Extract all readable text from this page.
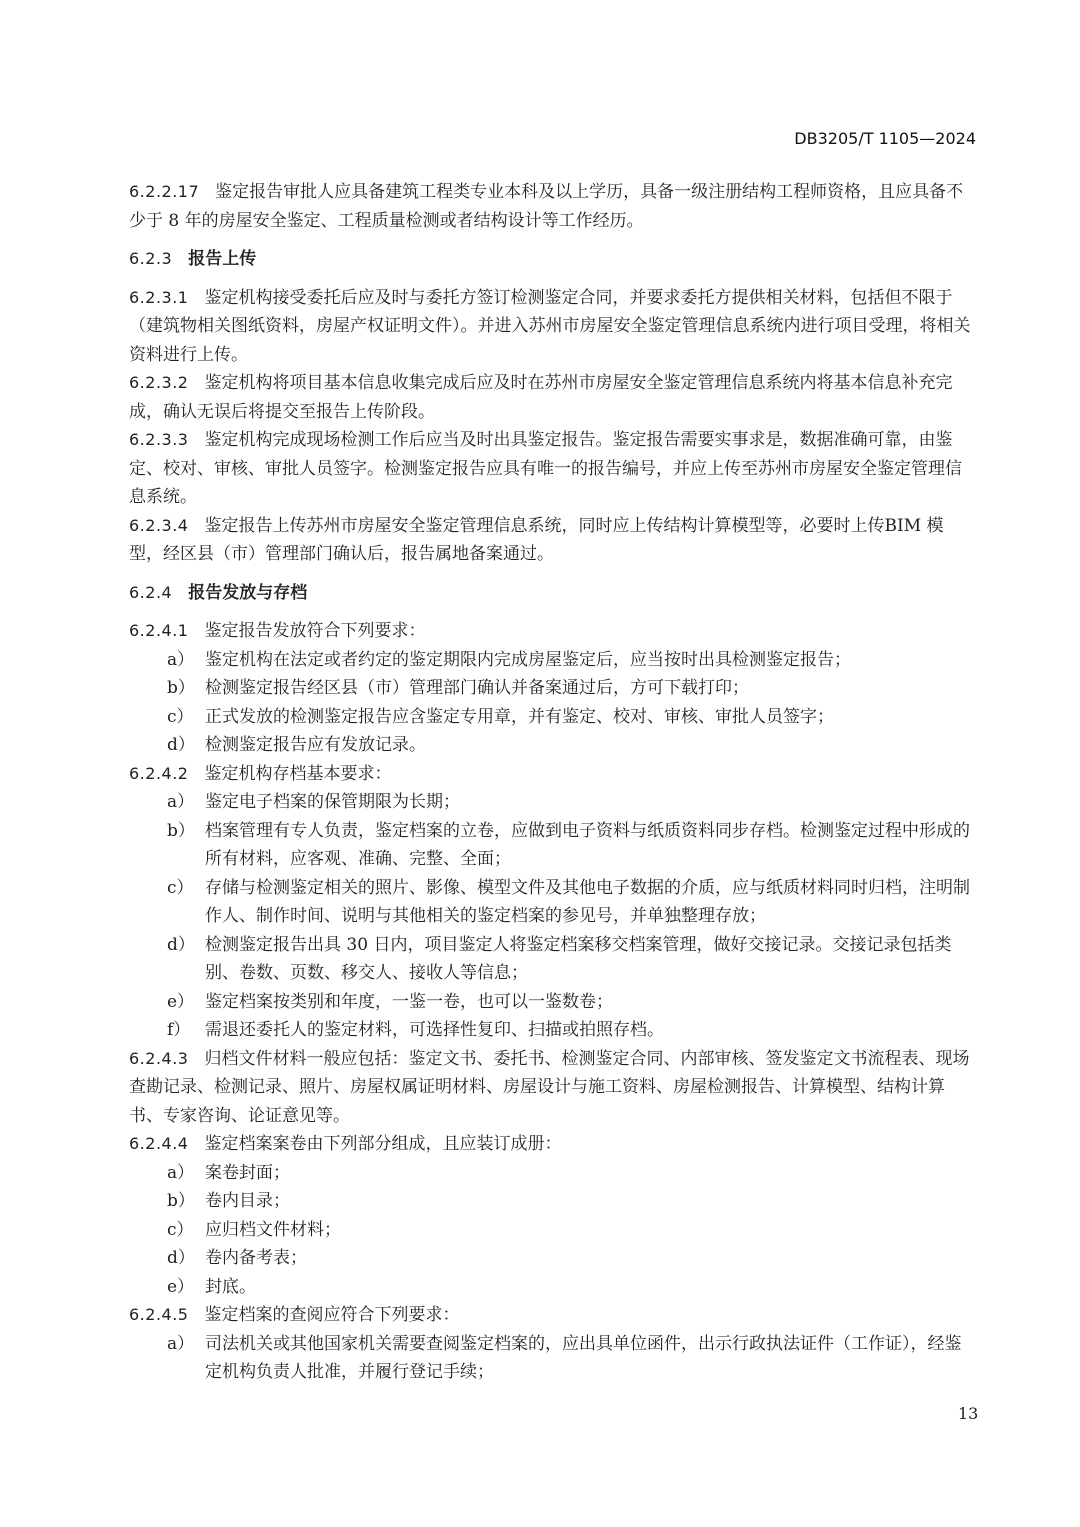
DB3205/T 1105—2024

6.2.2.17 鉴定报告审批人应具备建筑工程类专业本科及以上学历，具备一级注册结构工程师资格，且应具备不少于 8 年的房屋安全鉴定、工程质量检测或者结构设计等工作经历。

6.2.3 报告上传

6.2.3.1 鉴定机构接受委托后应及时与委托方签订检测鉴定合同，并要求委托方提供相关材料，包括但不限于（建筑物相关图纸资料，房屋产权证明文件）。并进入苏州市房屋安全鉴定管理信息系统内进行项目受理，将相关资料进行上传。

6.2.3.2 鉴定机构将项目基本信息收集完成后应及时在苏州市房屋安全鉴定管理信息系统内将基本信息补充完成，确认无误后将提交至报告上传阶段。

6.2.3.3 鉴定机构完成现场检测工作后应当及时出具鉴定报告。鉴定报告需要实事求是，数据准确可靠，由鉴定、校对、审核、审批人员签字。检测鉴定报告应具有唯一的报告编号，并应上传至苏州市房屋安全鉴定管理信息系统。

6.2.3.4 鉴定报告上传苏州市房屋安全鉴定管理信息系统，同时应上传结构计算模型等，必要时上传BIM 模型，经区县（市）管理部门确认后，报告属地备案通过。

6.2.4 报告发放与存档

6.2.4.1 鉴定报告发放符合下列要求：

a） 鉴定机构在法定或者约定的鉴定期限内完成房屋鉴定后，应当按时出具检测鉴定报告；
b） 检测鉴定报告经区县（市）管理部门确认并备案通过后，方可下载打印；
c） 正式发放的检测鉴定报告应含鉴定专用章，并有鉴定、校对、审核、审批人员签字；
d） 检测鉴定报告应有发放记录。

6.2.4.2 鉴定机构存档基本要求：

a） 鉴定电子档案的保管期限为长期；
b） 档案管理有专人负责，鉴定档案的立卷，应做到电子资料与纸质资料同步存档。检测鉴定过程中形成的所有材料，应客观、准确、完整、全面；
c） 存储与检测鉴定相关的照片、影像、模型文件及其他电子数据的介质，应与纸质材料同时归档，注明制作人、制作时间、说明与其他相关的鉴定档案的参见号，并单独整理存放；
d） 检测鉴定报告出具 30 日内，项目鉴定人将鉴定档案移交档案管理，做好交接记录。交接记录包括类别、卷数、页数、移交人、接收人等信息；
e） 鉴定档案按类别和年度，一鉴一卷，也可以一鉴数卷；
f） 需退还委托人的鉴定材料，可选择性复印、扫描或拍照存档。

6.2.4.3 归档文件材料一般应包括：鉴定文书、委托书、检测鉴定合同、内部审核、签发鉴定文书流程表、现场查勘记录、检测记录、照片、房屋权属证明材料、房屋设计与施工资料、房屋检测报告、计算模型、结构计算书、专家咨询、论证意见等。

6.2.4.4 鉴定档案案卷由下列部分组成，且应装订成册：

a） 案卷封面；
b） 卷内目录；
c） 应归档文件材料；
d） 卷内备考表；
e） 封底。

6.2.4.5 鉴定档案的查阅应符合下列要求：

a） 司法机关或其他国家机关需要查阅鉴定档案的，应出具单位函件，出示行政执法证件（工作证），经鉴定机构负责人批准，并履行登记手续；
13
